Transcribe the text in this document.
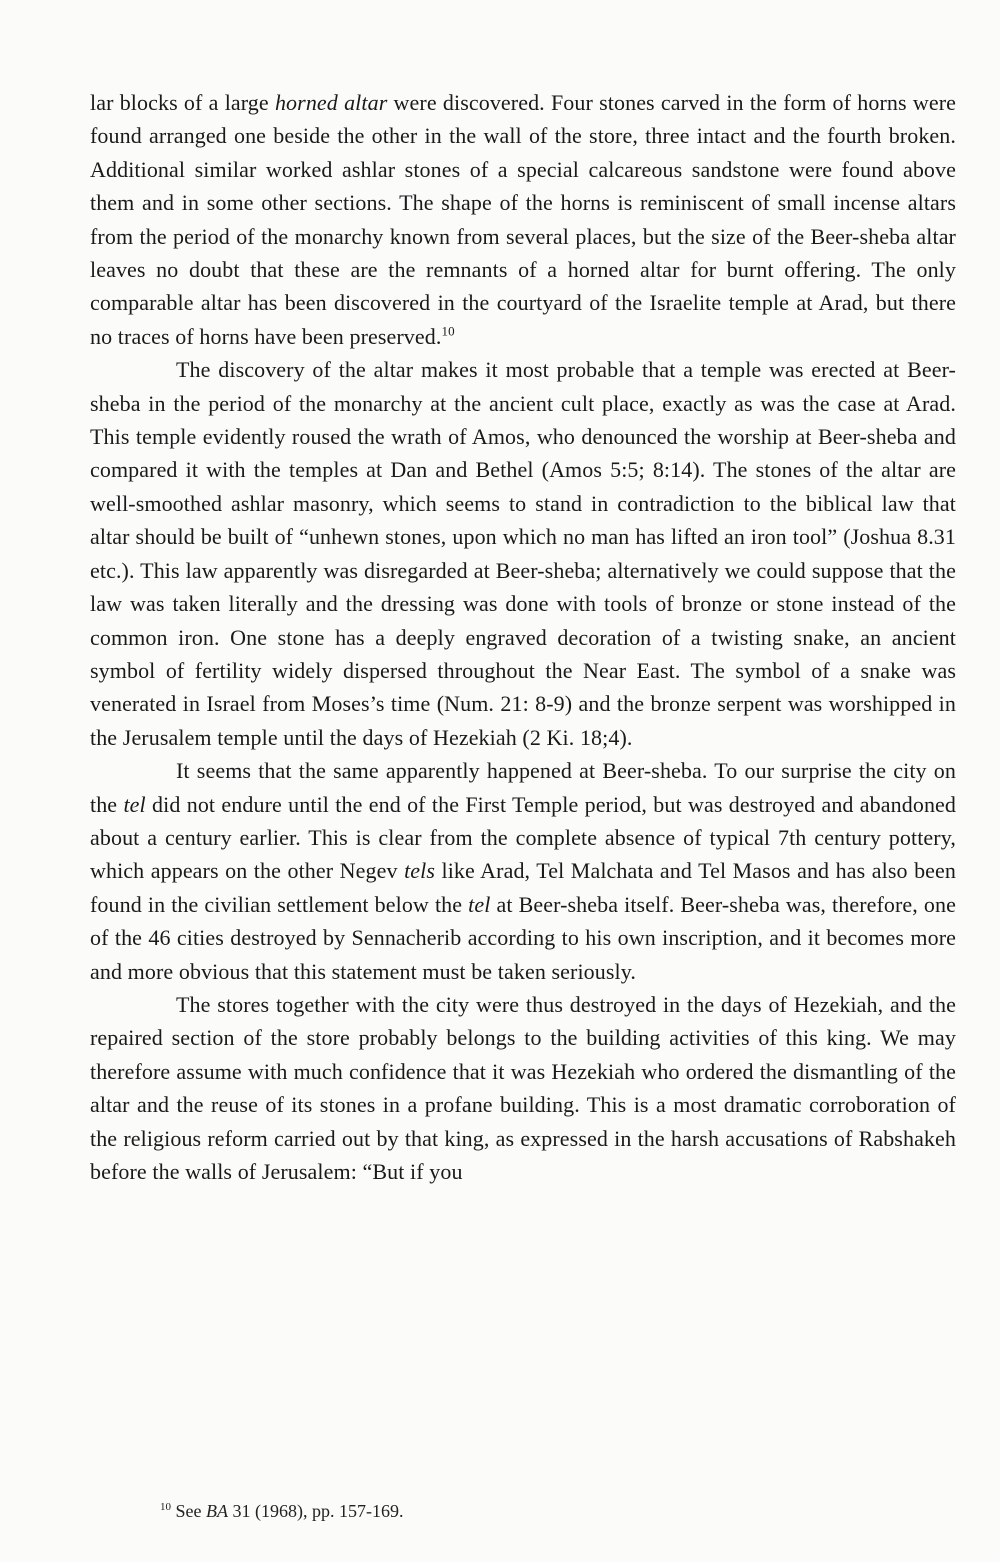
lar blocks of a large horned altar were discovered. Four stones carved in the form of horns were found arranged one beside the other in the wall of the store, three intact and the fourth broken. Additional similar worked ashlar stones of a special calcareous sandstone were found above them and in some other sections. The shape of the horns is reminiscent of small incense altars from the period of the monarchy known from several places, but the size of the Beer-sheba altar leaves no doubt that these are the remnants of a horned altar for burnt offering. The only comparable altar has been discovered in the courtyard of the Israelite temple at Arad, but there no traces of horns have been preserved.$^{10}$

The discovery of the altar makes it most probable that a temple was erected at Beer-sheba in the period of the monarchy at the ancient cult place, exactly as was the case at Arad. This temple evidently roused the wrath of Amos, who denounced the worship at Beer-sheba and compared it with the temples at Dan and Bethel (Amos 5:5; 8:14). The stones of the altar are well-smoothed ashlar masonry, which seems to stand in contradiction to the biblical law that altar should be built of “unhewn stones, upon which no man has lifted an iron tool” (Joshua 8.31 etc.). This law apparently was disregarded at Beer-sheba; alternatively we could suppose that the law was taken literally and the dressing was done with tools of bronze or stone instead of the common iron. One stone has a deeply engraved decoration of a twisting snake, an ancient symbol of fertility widely dispersed throughout the Near East. The symbol of a snake was venerated in Israel from Moses’s time (Num. 21: 8-9) and the bronze serpent was worshipped in the Jerusalem temple until the days of Hezekiah (2 Ki. 18;4).

It seems that the same apparently happened at Beer-sheba. To our surprise the city on the tel did not endure until the end of the First Temple period, but was destroyed and abandoned about a century earlier. This is clear from the complete absence of typical 7th century pottery, which appears on the other Negev tels like Arad, Tel Malchata and Tel Masos and has also been found in the civilian settlement below the tel at Beer-sheba itself. Beer-sheba was, therefore, one of the 46 cities destroyed by Sennacherib according to his own inscription, and it becomes more and more obvious that this statement must be taken seriously.

The stores together with the city were thus destroyed in the days of Hezekiah, and the repaired section of the store probably belongs to the building activities of this king. We may therefore assume with much confidence that it was Hezekiah who ordered the dismantling of the altar and the reuse of its stones in a profane building. This is a most dramatic corroboration of the religious reform carried out by that king, as expressed in the harsh accusations of Rabshakeh before the walls of Jerusalem: “But if you

$^{10}$ See BA 31 (1968), pp. 157-169.
